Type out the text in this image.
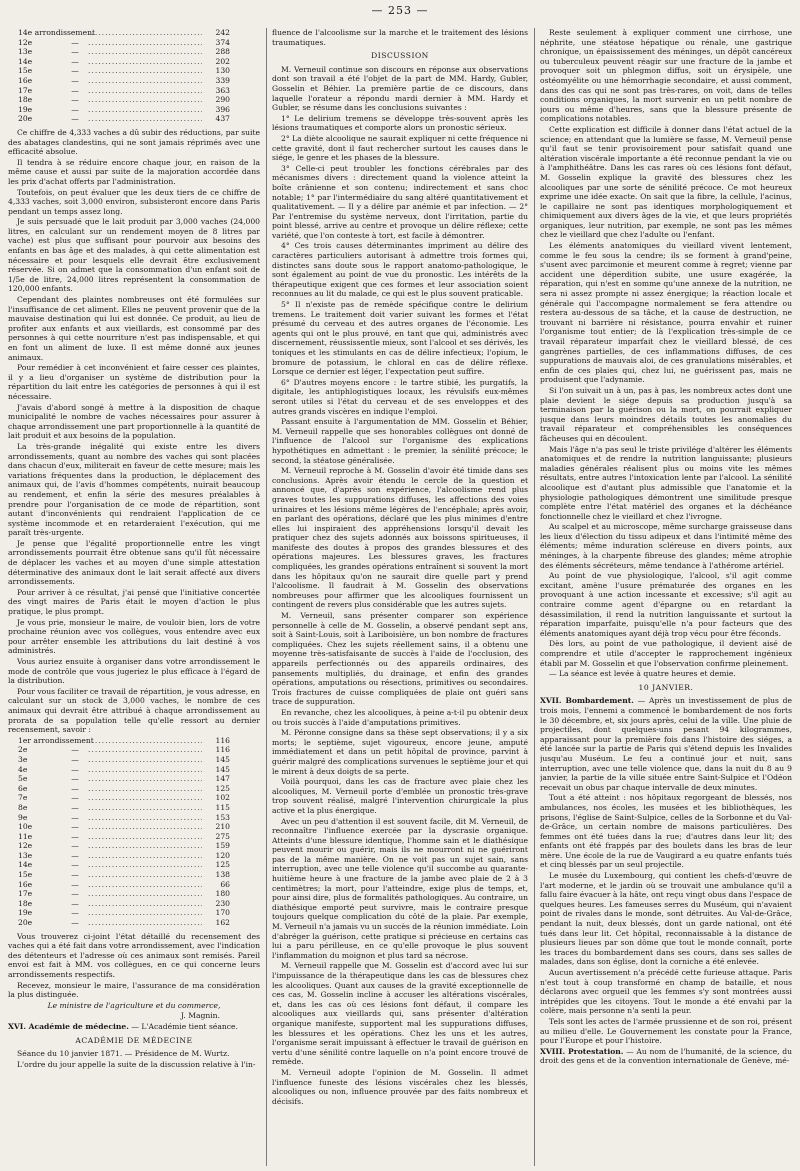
— 253 —
14e arrondissement .....	242
12e	— .....	374
13e	— .....	288
14e	— .....	202
15e	— .....	130
16e	— .....	339
17e	— .....	363
18e	— .....	290
19e	— .....	396
20e	— .....	437

Ce chiffre de 4,333 vaches a dû subir des réductions, par suite des abatages clandestins, qui ne sont jamais réprimés avec une efficacité absolue.

Il tendra à se réduire encore chaque jour, en raison de la même cause et aussi par suite de la majoration accordée dans les prix d'achat offerts par l'administration.

Toutefois, on peut évaluer que les deux tiers de ce chiffre de 4,333 vaches, soit 3,000 environ, subsisteront encore dans Paris pendant un temps assez long.

Je suis persuadé que le lait produit par 3,000 vaches (24,000 litres, en calculant sur un rendement moyen de 8 litres par vache) est plus que suffisant pour pourvoir aux besoins des enfants en bas âge et des malades, à qui cette alimentation est nécessaire et pour lesquels elle devrait être exclusivement réservée. Si on admet que la consommation d'un enfant soit de 1/5e de litre, 24,000 litres représentent la consommation de 120,000 enfants.

Cependant des plaintes nombreuses ont été formulées sur l'insuffisance de cet aliment. Elles ne peuvent provenir que de la mauvaise destination qui lui est donnée. Ce produit, au lieu de profiter aux enfants et aux vieillards, est consommé par des personnes à qui cette nourriture n'est pas indispensable, et qui en font un aliment de luxe. Il est même donné aux jeunes animaux.

Pour remédier à cet inconvénient et faire cesser ces plaintes, il y a lieu d'organiser un système de distribution pour la répartition du lait entre les catégories de personnes à qui il est nécessaire.

J'avais d'abord songé à mettre à la disposition de chaque municipalité le nombre de vaches nécessaires pour assurer à chaque arrondissement une part proportionnelle à la quantité de lait produit et aux besoins de la population.

La très-grande inégalité qui existe entre les divers arrondissements, quant au nombre des vaches qui sont placées dans chacun d'eux, militerait en faveur de cette mesure; mais les variations fréquentes dans la production, le déplacement des animaux qui, de l'avis d'hommes compétents, nuirait beaucoup au rendement, et enfin la série des mesures préalables à prendre pour l'organisation de ce mode de répartition, sont autant d'inconvénients qui rendraient l'application de ce système incommode et en retarderaient l'exécution, qui me paraît très-urgente.

Je pense que l'égalité proportionnelle entre les vingt arrondissements pourrait être obtenue sans qu'il fût nécessaire de déplacer les vaches et au moyen d'une simple attestation déterminative des animaux dont le lait serait affecté aux divers arrondissements.

Pour arriver à ce résultat, j'ai pensé que l'initiative concertée des vingt maires de Paris était le moyen d'action le plus pratique, le plus prompt.

Je vous prie, monsieur le maire, de vouloir bien, lors de votre prochaine réunion avec vos collègues, vous entendre avec eux pour arrêter ensemble les attributions du lait destiné à vos administrés.

Vous auriez ensuite à organiser dans votre arrondissement le mode de contrôle que vous jugeriez le plus efficace à l'égard de la distribution.

Pour vous faciliter ce travail de répartition, je vous adresse, en calculant sur un stock de 3,000 vaches, le nombre de ces animaux qui devrait être attribué à chaque arrondissement au prorata de sa population telle qu'elle ressort au dernier recensement, savoir :

1er arrondissement .....	116
2e	— .....	116
3e	— .....	145
4e	— .....	145
5e	— .....	147
6e	— .....	125
7e	— .....	102
8e	— .....	115
9e	— .....	153
10e	— .....	210
11e	— .....	275
12e	— .....	159
13e	— .....	120
14e	— .....	125
15e	— .....	138
16e	— .....	66
17e	— .....	180
18e	— .....	230
19e	— .....	170
20e	— .....	162

Vous trouverez ci-joint l'état détaillé du recensement des vaches qui a été fait dans votre arrondissement, avec l'indication des détenteurs et l'adresse où ces animaux sont remisés. Pareil envoi est fait à MM. vos collègues, en ce qui concerne leurs arrondissements respectifs.

Recevez, monsieur le maire, l'assurance de ma considération la plus distinguée.

Le ministre de l'agriculture et du commerce,

J. Magnin.

XVI. Académie de médecine. — L'Académie tient séance.

ACADÉMIE DE MÉDECINE

Séance du 10 janvier 1871. — Présidence de M. Wurtz.

L'ordre du jour appelle la suite de la discussion relative à l'in-

fluence de l'alcoolisme sur la marche et le traitement des lésions traumatiques.

DISCUSSION

M. Verneuil continue son discours en réponse aux observations dont son travail a été l'objet de la part de MM. Hardy, Gubler, Gosselin et Béhier. La première partie de ce discours, dans laquelle l'orateur a répondu mardi dernier à MM. Hardy et Gubler, se résume dans les conclusions suivantes :

1° Le delirium tremens se développe très-souvent après les lésions traumatiques et comporte alors un pronostic sérieux.

2° La diète alcoolique ne saurait expliquer ni cette fréquence ni cette gravité, dont il faut rechercher surtout les causes dans le siége, le genre et les phases de la blessure.

3° Celle-ci peut troubler les fonctions cérébrales par des mécanismes divers : directement quand la violence atteint la boîte crânienne et son contenu; indirectement et sans choc notable; 1° par l'intermédiaire du sang altéré quantitativement et qualitativement. — Il y a délire par anémie et par infection. — 2° Par l'entremise du système nerveux, dont l'irritation, partie du point blessé, arrive au centre et provoque un délire réflexe; cette variété, que l'on conteste à tort, est facile à démontrer.

4° Ces trois causes déterminantes impriment au délire des caractères particuliers autorisant à admettre trois formes qui, distinctes sans doute sous le rapport anatomo-pathologique, le sont également au point de vue du pronostic. Les intérêts de la thérapeutique exigent que ces formes et leur association soient reconnues au lit du malade, ce qui est le plus souvent praticable.

5° Il n'existe pas de remède spécifique contre le delirium tremens. Le traitement doit varier suivant les formes et l'état présumé du cerveau et des autres organes de l'économie. Les agents qui ont le plus prouvé, en tant que qui, administrés avec discernement, réussissentle mieux, sont l'alcool et ses dérivés, les toniques et les stimulants en cas de délire infectieux; l'opium, le bromure de potassium, le chloral en cas de délire réflexe. Lorsque ce dernier est léger, l'expectation peut suffire.

6° D'autres moyens encore : le tartre stibié, les purgatifs, la digitale, les antiphlogistiques locaux, les révulsifs eux-mêmes seront utiles si l'état du cerveau et de ses enveloppes et des autres grands viscères en indique l'emploi.

Passant ensuite à l'argumentation de MM. Gosselin et Béhier, M. Verneuil rappelle que ses honorables collègues ont donné de l'influence de l'alcool sur l'organisme des explications hypothétiques en admettant : le premier, la sénilité précoce; le second, la stéatose généralisée.

M. Verneuil reproche à M. Gosselin d'avoir été timide dans ses conclusions. Après avoir étendu le cercle de la question et annoncé que, d'après son expérience, l'alcoolisme rend plus graves toutes les suppurations diffuses, les affections des voies urinaires et les lésions même légères de l'encéphale; après avoir, en parlant des opérations, déclaré que les plus minimes d'entre elles lui inspiraient des appréhensions lorsqu'il devait les pratiquer chez des sujets adonnés aux boissons spiritueuses, il manifeste des doutes à propos des grandes blessures et des opérations majeures. Les blessures graves, les fractures compliquées, les grandes opérations entraînent si souvent la mort dans les hôpitaux qu'on ne saurait dire quelle part y prend l'alcoolisme. Il faudrait à M. Gosselin des observations nombreuses pour affirmer que les alcooliques fournissent un contingent de revers plus considérable que les autres sujets.

M. Verneuil, sans présenter comparer son expérience personnelle à celle de M. Gosselin, a observé pendant sept ans, soit à Saint-Louis, soit à Lariboisière, un bon nombre de fractures compliquées. Chez les sujets réellement sains, il a obtenu une moyenne très-satisfaisante de succès à l'aide de l'occlusion, des appareils perfectionnés ou des appareils ordinaires, des pansements multipliés, du drainage, et enfin des grandes opérations, amputations ou résections, primitives ou secondaires. Trois fractures de cuisse compliquées de plaie ont guéri sans trace de suppuration.

En revanche, chez les alcooliques, à peine a-t-il pu obtenir deux ou trois succès à l'aide d'amputations primitives.

M. Péronne consigne dans sa thèse sept observations; il y a six morts; le septième, sujet vigoureux, encore jeune, amputé immédiatement et dans un petit hôpital de province, parvint à guérir malgré des complications survenues le septième jour et qui le mirent à deux doigts de sa perte.

Voilà pourquoi, dans les cas de fracture avec plaie chez les alcooliques, M. Verneuil porte d'emblée un pronostic très-grave trop souvent réalisé, malgré l'intervention chirurgicale la plus active et la plus énergique.

Avec un peu d'attention il est souvent facile, dit M. Verneuil, de reconnaître l'influence exercée par la dyscrasie organique. Atteints d'une blessure identique, l'homme sain et le diathésique peuvent mourir ou guérir, mais ils ne mourront ni ne guériront pas de la même manière. On ne voit pas un sujet sain, sans interruption, avec une telle violence qu'il succombe au quarante-huitième heure à une fracture de la jambe avec plaie de 2 à 3 centimètres; la mort, pour l'atteindre, exige plus de temps, et, pour ainsi dire, plus de formalités pathologiques. Au contraire, un diathésique emporté peut survivre, mais le contraire presque toujours quelque complication du côté de la plaie. Par exemple, M. Verneuil n'a jamais vu un succès de la réunion immédiate. Loin d'abréger la guérison, cette pratique si précieuse en certains cas lui a paru périlleuse, en ce qu'elle provoque le plus souvent l'inflammation du moignon et plus tard sa nécrose.

M. Verneuil rappelle que M. Gosselin est d'accord avec lui sur l'impuissance de la thérapeutique dans les cas de blessures chez les alcooliques. Quant aux causes de la gravité exceptionnelle de ces cas, M. Gosselin incline à accuser les altérations viscérales, et, dans les cas où ces lésions font défaut, il compare les alcooliques aux vieillards qui, sans présenter d'altération organique manifeste, supportent mal les suppurations diffuses, les blessures et les opérations. Chez les uns et les autres, l'organisme serait impuissant à effectuer le travail de guérison en vertu d'une sénilité contre laquelle on n'a point encore trouvé de remède.

M. Verneuil adopte l'opinion de M. Gosselin. Il admet l'influence funeste des lésions viscérales chez les blessés, alcooliques ou non, influence prouvée par des faits nombreux et décisifs.

Reste seulement à expliquer comment une cirrhose, une néphrite, une stéatose hépatique ou rénale, une gastrique chronique, un épaississement des méninges, un dépôt cancéreux ou tuberculeux peuvent réagir sur une fracture de la jambe et provoquer soit un phlegmon diffus, soit un érysipèle, une ostéomyélite ou une hémorrhagie secondaire, et aussi comment, dans des cas qui ne sont pas très-rares, on voit, dans de telles conditions organiques, la mort survenir en un petit nombre de jours ou même d'heures, sans que la blessure présente de complications notables.

Cette explication est difficile à donner dans l'état actuel de la science; en attendant que la lumière se fasse, M. Verneuil pense qu'il faut se tenir provisoirement pour satisfait quand une altération viscérale importante a été reconnue pendant la vie ou à l'amphithéâtre. Dans les cas rares où ces lésions font défaut, M. Gosselin explique la gravité des blessures chez les alcooliques par une sorte de sénilité précoce. Ce mot heureux exprime une idée exacte. On sait que la fibre, la cellule, l'acinus, le capillaire ne sont pas identiques morphologiquement et chimiquement aux divers âges de la vie, et que leurs propriétés organiques, leur nutrition, par exemple, ne sont pas les mêmes chez le vieillard que chez l'adulte ou l'enfant.

Les éléments anatomiques du vieillard vivent lentement, comme le feu sous la cendre; ils se forment à grand'peine, s'usent avec parcimonie et meurent comme à regret; vienne par accident une déperdition subite, une usure exagérée, la réparation, qui n'est en somme qu'une annexe de la nutrition, ne sera ni assez prompte ni assez énergique; la réaction locale et générale qui l'accompagne normalement se fera attendre ou restera au-dessous de sa tâche, et la cause de destruction, ne trouvant ni barrière ni résistance, pourra envahir et ruiner l'organisme tout entier; de là l'explication très-simple de ce travail réparateur imparfait chez le vieillard blessé, de ces gangrènes partielles, de ces inflammations diffuses, de ces suppurations de mauvais aloi, de ces granulations misérables, et enfin de ces plaies qui, chez lui, ne guérissent pas, mais ne produisent que l'adynamie.

Si l'on suivait un à un, pas à pas, les nombreux actes dont une plaie devient le siége depuis sa production jusqu'à sa terminaison par la guérison ou la mort, on pourrait expliquer jusque dans leurs moindres détails toutes les anomalies du travail réparateur et compréhensibles les conséquences fâcheuses qui en découlent.

Mais l'âge n'a pas seul le triste privilége d'altérer les éléments anatomiques et de rendre la nutrition languissante; plusieurs maladies générales réalisent plus ou moins vite les mêmes résultats, entre autres l'intoxication lente par l'alcool. La sénilité alcoolique est d'autant plus admissible que l'anatomie et la physiologie pathologiques démontrent une similitude presque complète entre l'état matériel des organes et la déchéance fonctionnelle chez le vieillard et chez l'ivrogne.

Au scalpel et au microscope, même surcharge graisseuse dans les lieux d'élection du tissu adipeux et dans l'intimité même des éléments; même induration scléreuse en divers points, aux méninges, à la charpente fibreuse des glandes; même atrophie des éléments sécréteurs, même tendance à l'athérome artériel.

Au point de vue physiologique, l'alcool, s'il agit comme excitant, amène l'usure prématurée des organes en les provoquant à une action incessante et excessive; s'il agit au contraire comme agent d'épargne ou en retardant la désassimilation, il rend la nutrition languissante et surtout la réparation imparfaite, puisqu'elle n'a pour facteurs que des éléments anatomiques ayant déjà trop vécu pour être féconds.

Dès lors, au point de vue pathologique, il devient aisé de comprendre et utile d'accepter le rapprochement ingénieux établi par M. Gosselin et que l'observation confirme pleinement.

— La séance est levée à quatre heures et demie.

10 JANVIER.

XVII. Bombardement. — Après un investissement de plus de trois mois, l'ennemi a commencé le bombardement de nos forts le 30 décembre, et, six jours après, celui de la ville. Une pluie de projectiles, dont quelques-uns pesant 94 kilogrammes, apparaissant pour la première fois dans l'histoire des siéges, a été lancée sur la partie de Paris qui s'étend depuis les Invalides jusqu'au Muséum. Le feu a continué jour et nuit, sans interruption, avec une telle violence que, dans la nuit du 8 au 9 janvier, la partie de la ville située entre Saint-Sulpice et l'Odéon recevait un obus par chaque intervalle de deux minutes.

Tout a été atteint : nos hôpitaux regorgeant de blessés, nos ambulances, nos écoles, les musées et les bibliothèques, les prisons, l'église de Saint-Sulpice, celles de la Sorbonne et du Val-de-Grâce, un certain nombre de maisons particulières. Des femmes ont été tuées dans la rue; d'autres dans leur lit; des enfants ont été frappés par des boulets dans les bras de leur mère. Une école de la rue de Vaugirard a eu quatre enfants tués et cinq blessés par un seul projectile.

Le musée du Luxembourg, qui contient les chefs-d'œuvre de l'art moderne, et le jardin où se trouvait une ambulance qu'il a fallu faire évacuer à la hâte, ont reçu vingt obus dans l'espace de quelques heures. Les fameuses serres du Muséum, qui n'avaient point de rivales dans le monde, sont détruites. Au Val-de-Grâce, pendant la nuit, deux blessés, dont un garde national, ont été tués dans leur lit. Cet hôpital, reconnaissable à la distance de plusieurs lieues par son dôme que tout le monde connaît, porte les traces du bombardement dans ses cours, dans ses salles de malades, dans son église, dont la corniche a été enlevée.

Aucun avertissement n'a précédé cette furieuse attaque. Paris n'est tout à coup transformé en champ de bataille, et nous déclarons avec orgueil que les femmes s'y sont montrées aussi intrépides que les citoyens. Tout le monde a été envahi par la colère, mais personne n'a senti la peur.

Tels sont les actes de l'armée prussienne et de son roi, présent au milieu d'elle. Le Gouvernement les constate pour la France, pour l'Europe et pour l'histoire.

XVIII. Protestation. — Au nom de l'humanité, de la science, du droit des gens et de la convention internationale de Genève, mé-
